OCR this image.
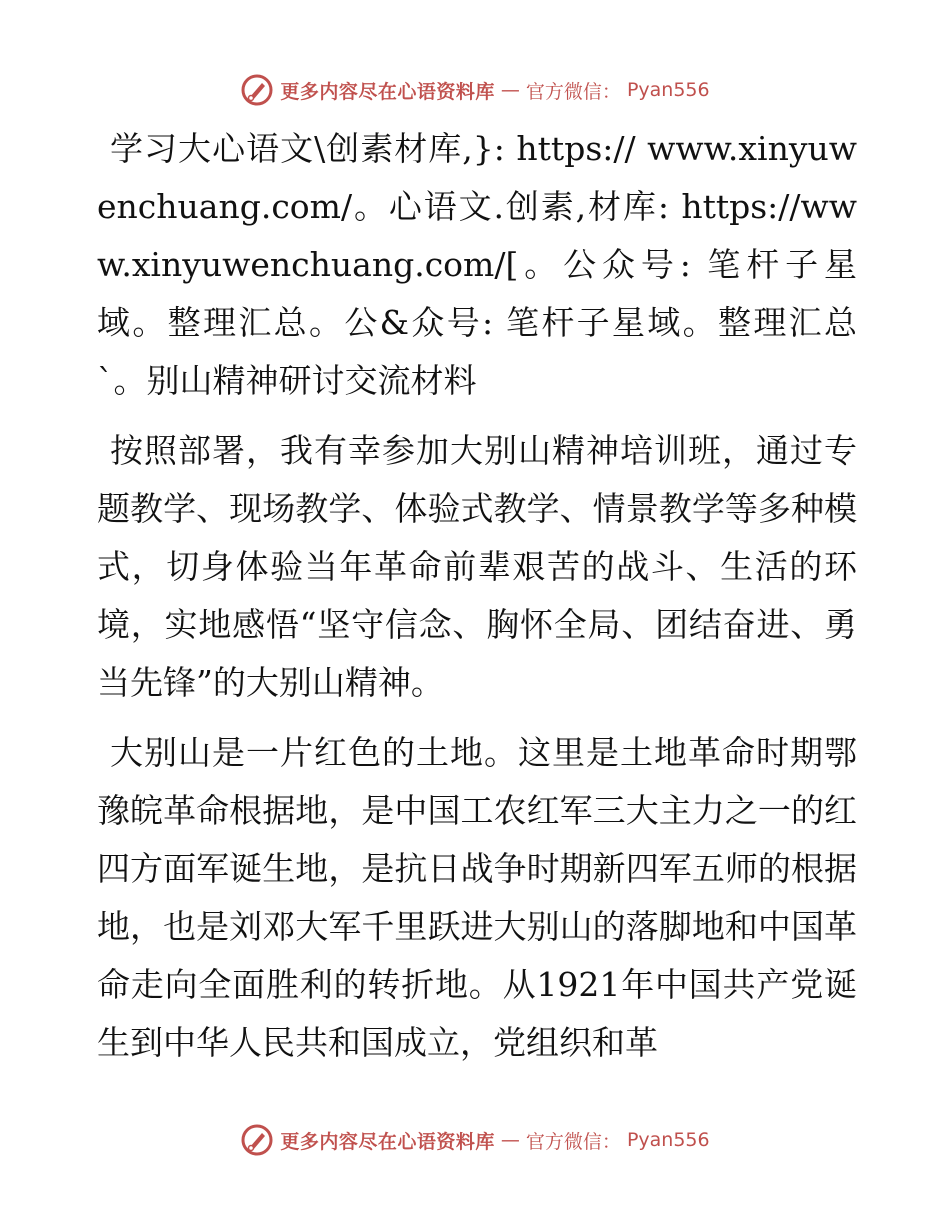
更多内容尽在心语资料库 — 官方微信： Pyan556

学习大心语文\创素材库,}: https:// www.xinyuwenchuang.com/。心语文.创素,材库: https://www.xinyuwenchuang.com/[。公众号: 笔杆子星域。整理汇总。公&众号: 笔杆子星域。整理汇总`。别山精神研讨交流材料

按照部署，我有幸参加大别山精神培训班，通过专题教学、现场教学、体验式教学、情景教学等多种模式，切身体验当年革命前辈艰苦的战斗、生活的环境，实地感悟“坚守信念、胸怀全局、团结奋进、勇当先锋”的大别山精神。

大别山是一片红色的土地。这里是土地革命时期鄂豫皖革命根据地，是中国工农红军三大主力之一的红四方面军诞生地，是抗日战争时期新四军五师的根据地，也是刘邓大军千里跃进大别山的落脚地和中国革命走向全面胜利的转折地。从1921年中国共产党诞生到中华人民共和国成立，党组织和革

更多内容尽在心语资料库 — 官方微信： Pyan556
